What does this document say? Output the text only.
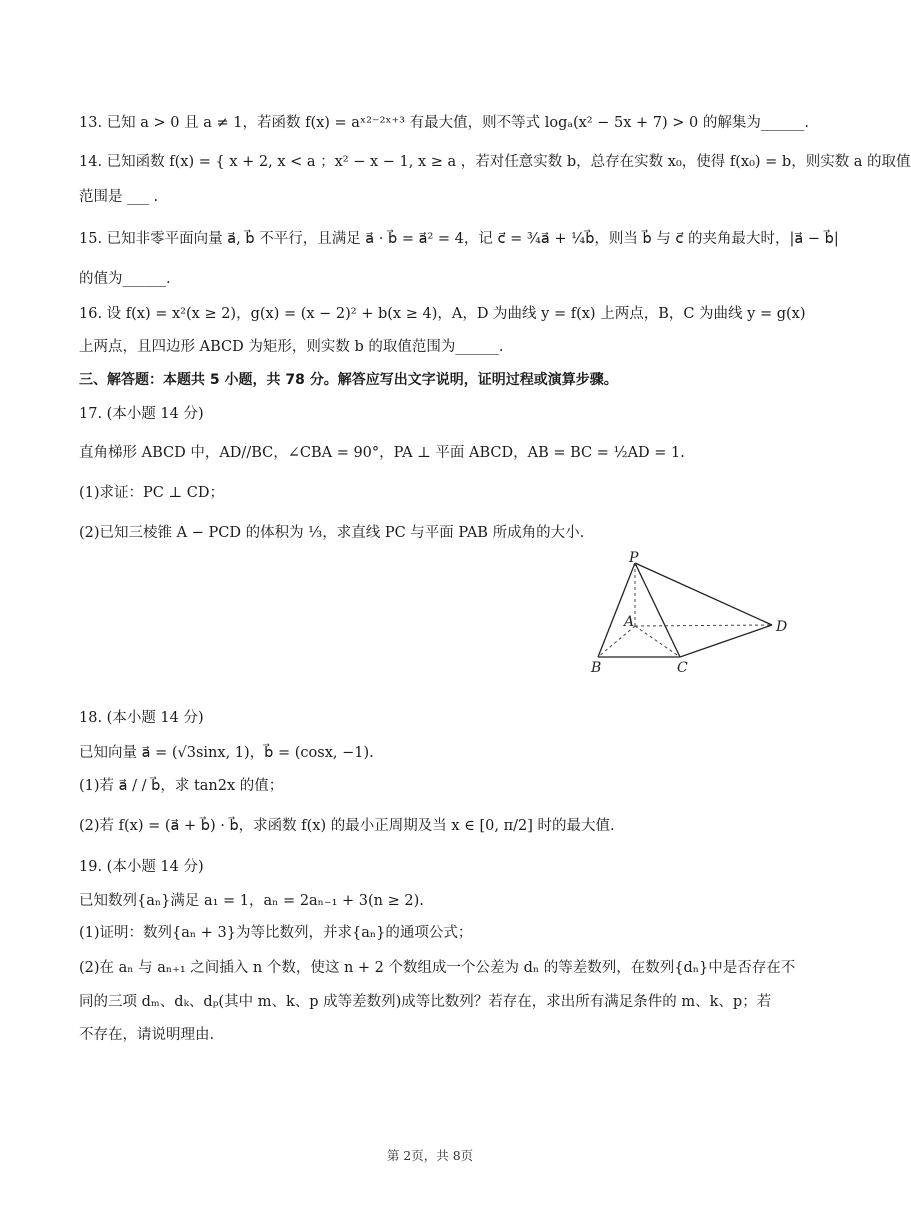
13. 已知 a > 0 且 a ≠ 1，若函数 f(x) = aˣ²⁻²ˣ⁺³ 有最大值，则不等式 logₐ(x² − 5x + 7) > 0 的解集为______.
14. 已知函数 f(x) = { x + 2, x < a ；x² − x − 1, x ≥ a ，若对任意实数 b，总存在实数 x₀，使得 f(x₀) = b，则实数 a 的取值
范围是 ___ .
15. 已知非零平面向量 a⃗, b⃗ 不平行，且满足 a⃗ · b⃗ = a⃗² = 4，记 c⃗ = ¾a⃗ + ¼b⃗，则当 b⃗ 与 c⃗ 的夹角最大时，|a⃗ − b⃗|
的值为______.
16. 设 f(x) = x²(x ≥ 2)，g(x) = (x − 2)² + b(x ≥ 4)，A，D 为曲线 y = f(x) 上两点，B，C 为曲线 y = g(x)
上两点，且四边形 ABCD 为矩形，则实数 b 的取值范围为______.
三、解答题：本题共 5 小题，共 78 分。解答应写出文字说明，证明过程或演算步骤。
17. (本小题 14 分)
直角梯形 ABCD 中，AD//BC，∠CBA = 90°，PA ⊥ 平面 ABCD，AB = BC = ½AD = 1.
(1)求证：PC ⊥ CD；
(2)已知三棱锥 A − PCD 的体积为 ⅓，求直线 PC 与平面 PAB 所成角的大小.
P
A
B	C
D
18. (本小题 14 分)
已知向量 a⃗ = (√3sinx, 1)，b⃗ = (cosx, −1).
(1)若 a⃗ / / b⃗，求 tan2x 的值；
(2)若 f(x) = (a⃗ + b⃗) · b⃗，求函数 f(x) 的最小正周期及当 x ∈ [0, π/2] 时的最大值.
19. (本小题 14 分)
已知数列{aₙ}满足 a₁ = 1，aₙ = 2aₙ₋₁ + 3(n ≥ 2).
(1)证明：数列{aₙ + 3}为等比数列，并求{aₙ}的通项公式；
(2)在 aₙ 与 aₙ₊₁ 之间插入 n 个数，使这 n + 2 个数组成一个公差为 dₙ 的等差数列，在数列{dₙ}中是否存在不
同的三项 dₘ、dₖ、dₚ(其中 m、k、p 成等差数列)成等比数列？若存在，求出所有满足条件的 m、k、p；若
不存在，请说明理由.
第 2页，共 8页
